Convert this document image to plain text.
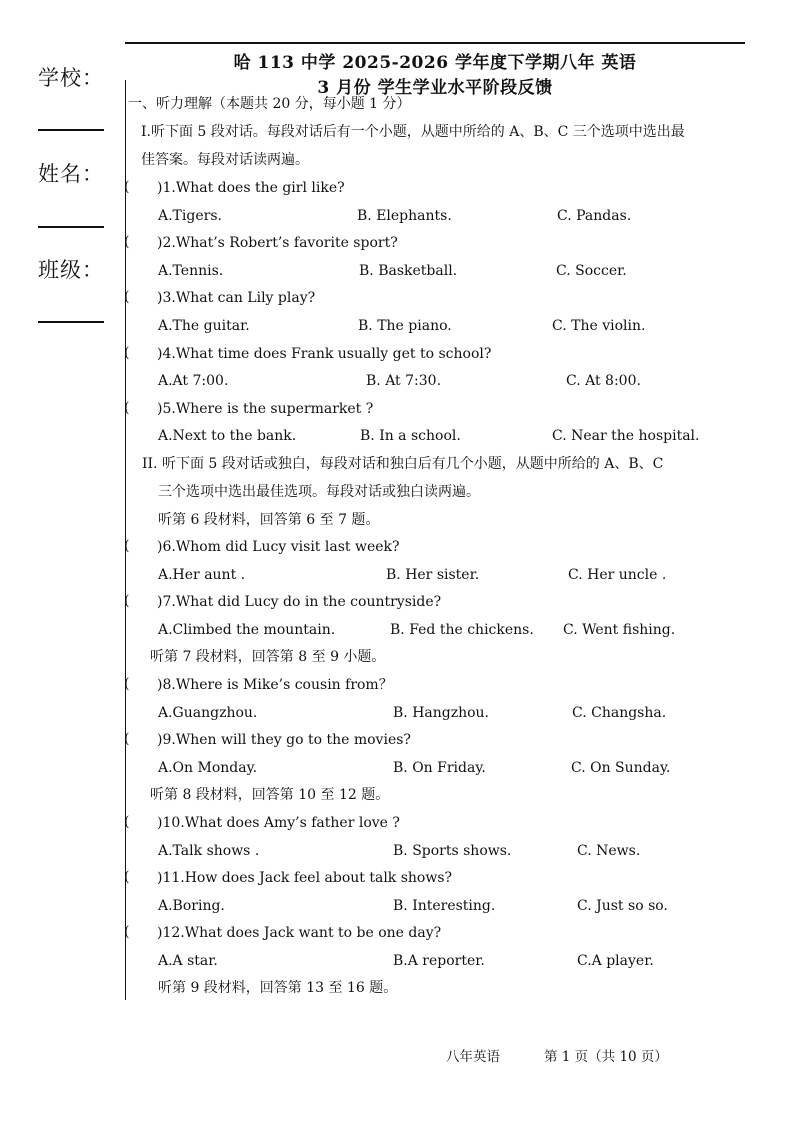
学校：
姓名：
班级：
哈 113 中学 2025-2026 学年度下学期八年 英语
3 月份 学生学业水平阶段反馈
一、听力理解（本题共 20 分，每小题 1 分）
I.听下面 5 段对话。每段对话后有一个小题，从题中所给的 A、B、C 三个选项中选出最
佳答案。每段对话读两遍。
( )1.What does the girl like?
A.Tigers.	B. Elephants.	C. Pandas.
( )2.What’s Robert’s favorite sport?
A.Tennis.	B. Basketball.	C. Soccer.
( )3.What can Lily play?
A.The guitar.	B. The piano.	C. The violin.
( )4.What time does Frank usually get to school?
A.At 7:00.	B. At 7:30.	C. At 8:00.
( )5.Where is the supermarket ?
A.Next to the bank.	B. In a school.	C. Near the hospital.
II. 听下面 5 段对话或独白，每段对话和独白后有几个小题，从题中所给的 A、B、C
三个选项中选出最佳选项。每段对话或独白读两遍。
听第 6 段材料，回答第 6 至 7 题。
( )6.Whom did Lucy visit last week?
A.Her aunt .	B. Her sister.	C. Her uncle .
( )7.What did Lucy do in the countryside?
A.Climbed the mountain.	B. Fed the chickens. C. Went fishing.
听第 7 段材料，回答第 8 至 9 小题。
( )8.Where is Mike’s cousin from？
A.Guangzhou.	B. Hangzhou.	C. Changsha.
( )9.When will they go to the movies?
A.On Monday.	B. On Friday.	C. On Sunday.
听第 8 段材料，回答第 10 至 12 题。
( )10.What does Amy’s father love ?
A.Talk shows .	B. Sports shows.	C. News.
( )11.How does Jack feel about talk shows?
A.Boring.	B. Interesting.	C. Just so so.
( )12.What does Jack want to be one day?
A.A star.	B.A reporter.	C.A player.
听第 9 段材料，回答第 13 至 16 题。
八年英语	第 1 页（共 10 页）
